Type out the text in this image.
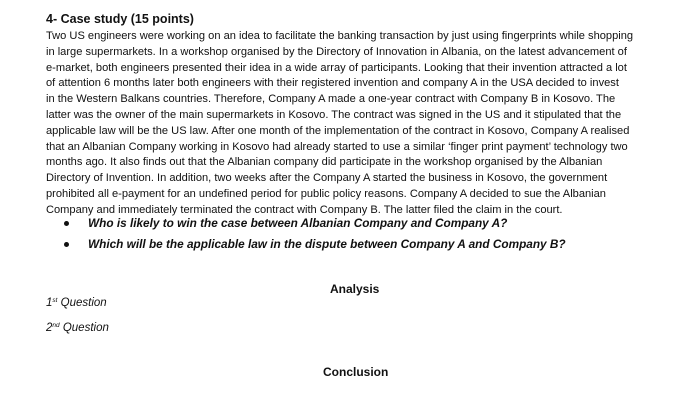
4- Case study (15 points)

Two US engineers were working on an idea to facilitate the banking transaction by just using fingerprints while shopping
in large supermarkets. In a workshop organised by the Directory of Innovation in Albania, on the latest advancement of
e-market, both engineers presented their idea in a wide array of participants. Looking that their invention attracted a lot
of attention 6 months later both engineers with their registered invention and company A in the USA decided to invest
in the Western Balkans countries. Therefore, Company A made a one-year contract with Company B in Kosovo. The
latter was the owner of the main supermarkets in Kosovo. The contract was signed in the US and it stipulated that the
applicable law will be the US law. After one month of the implementation of the contract in Kosovo, Company A realised
that an Albanian Company working in Kosovo had already started to use a similar ‘finger print payment’ technology two
months ago. It also finds out that the Albanian company did participate in the workshop organised by the Albanian
Directory of Invention. In addition, two weeks after the Company A started the business in Kosovo, the government
prohibited all e-payment for an undefined period for public policy reasons. Company A decided to sue the Albanian
Company and immediately terminated the contract with Company B. The latter filed the claim in the court.

Who is likely to win the case between Albanian Company and Company A?
Which will be the applicable law in the dispute between Company A and Company B?
Analysis
1st Question
2nd Question
Conclusion
